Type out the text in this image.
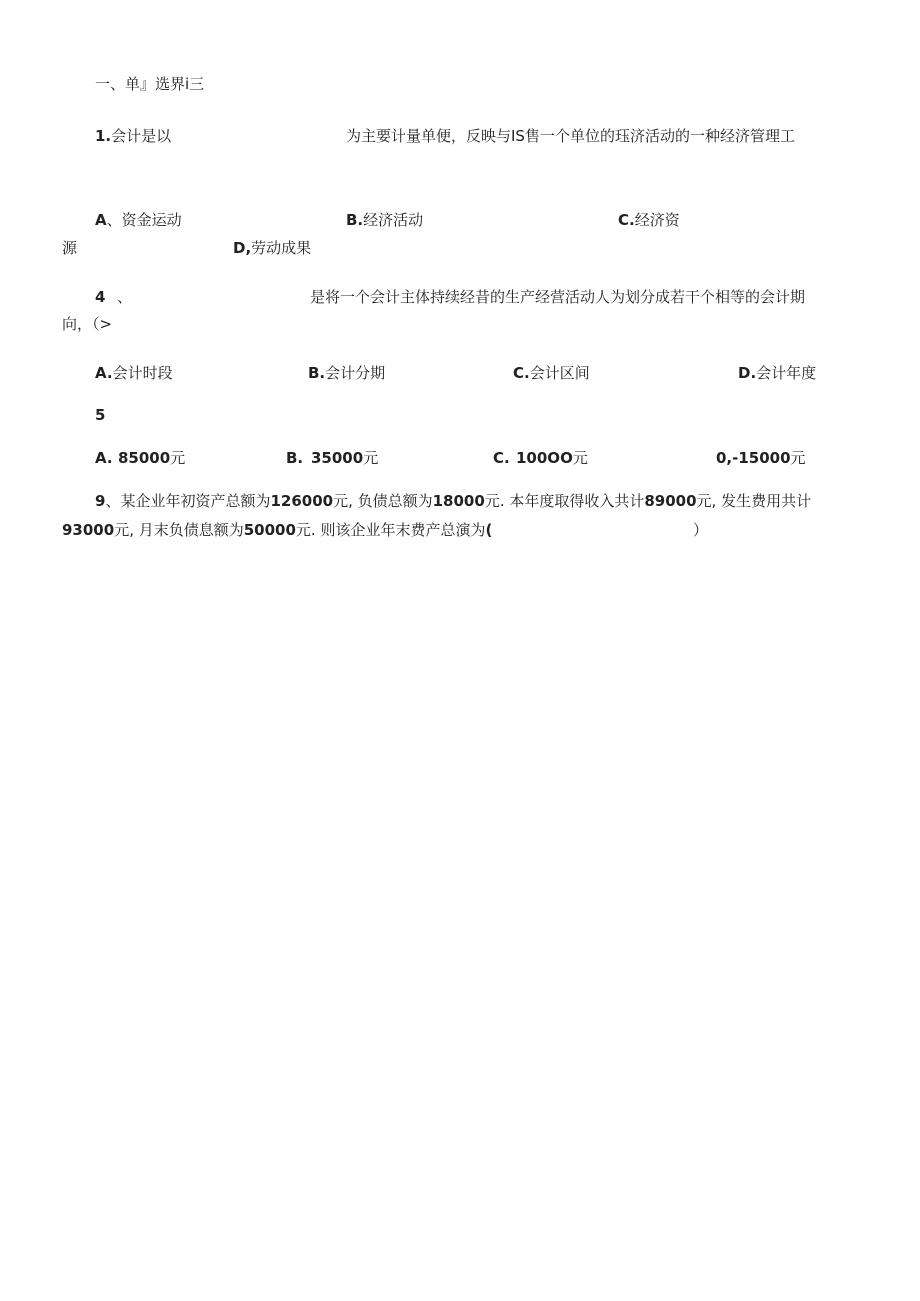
一、单』选界i三
1.会计是以	为主要计量单便，反映与IS售一个单位的珏济活动的一种经济管理工
A、资金运动	B.经济活动	C.经济资
源	D,劳动成果
4 、	是将一个会计主体持续经昔的生产经营活动人为划分成若干个相等的会计期
向，（>
A.会计时段	B.会计分期	C.会计区间	D.会计年度
5
A. 85000元	B. 35000元	C. 100OO元	0,-15000元
9、某企业年初资产总额为126000元, 负债总额为18000元. 本年度取得收入共计89000元, 发生费用共计
93000元, 月末负债息额为50000元. 则该企业年末费产总演为(	）
